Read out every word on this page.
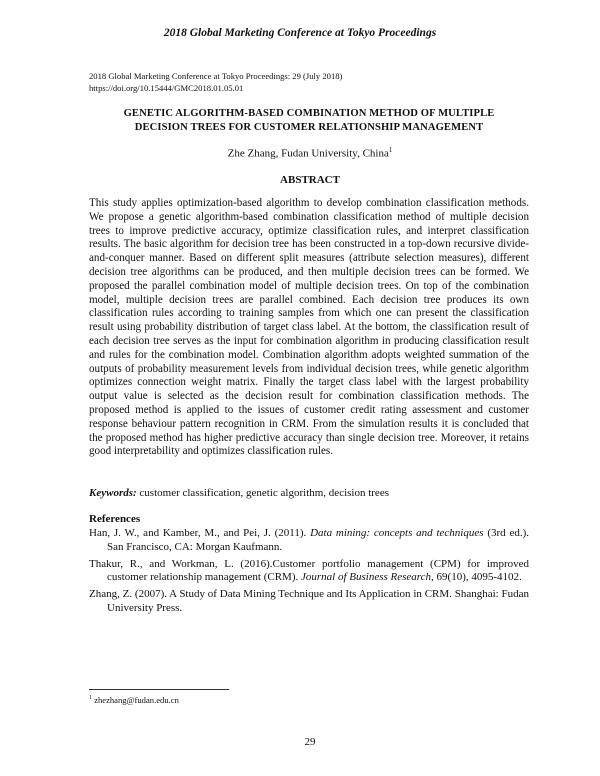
2018 Global Marketing Conference at Tokyo Proceedings
2018 Global Marketing Conference at Tokyo Proceedings: 29 (July 2018)
https://doi.org/10.15444/GMC2018.01.05.01
GENETIC ALGORITHM-BASED COMBINATION METHOD OF MULTIPLE
DECISION TREES FOR CUSTOMER RELATIONSHIP MANAGEMENT
Zhe Zhang, Fudan University, China$^1$
ABSTRACT
This study applies optimization-based algorithm to develop combination classification methods. We propose a genetic algorithm-based combination classification method of multiple decision trees to improve predictive accuracy, optimize classification rules, and interpret classification results. The basic algorithm for decision tree has been constructed in a top-down recursive divide-and-conquer manner. Based on different split measures (attribute selection measures), different decision tree algorithms can be produced, and then multiple decision trees can be formed. We proposed the parallel combination model of multiple decision trees. On top of the combination model, multiple decision trees are parallel combined. Each decision tree produces its own classification rules according to training samples from which one can present the classification result using probability distribution of target class label. At the bottom, the classification result of each decision tree serves as the input for combination algorithm in producing classification result and rules for the combination model. Combination algorithm adopts weighted summation of the outputs of probability measurement levels from individual decision trees, while genetic algorithm optimizes connection weight matrix. Finally the target class label with the largest probability output value is selected as the decision result for combination classification methods. The proposed method is applied to the issues of customer credit rating assessment and customer response behaviour pattern recognition in CRM. From the simulation results it is concluded that the proposed method has higher predictive accuracy than single decision tree. Moreover, it retains good interpretability and optimizes classification rules.
Keywords: customer classification, genetic algorithm, decision trees
References
Han, J. W., and Kamber, M., and Pei, J. (2011). Data mining: concepts and techniques (3rd ed.). San Francisco, CA: Morgan Kaufmann.
Thakur, R., and Workman, L. (2016).Customer portfolio management (CPM) for improved customer relationship management (CRM). Journal of Business Research, 69(10), 4095-4102.
Zhang, Z. (2007). A Study of Data Mining Technique and Its Application in CRM. Shanghai: Fudan University Press.
$^1$ zhezhang@fudan.edu.cn
29
